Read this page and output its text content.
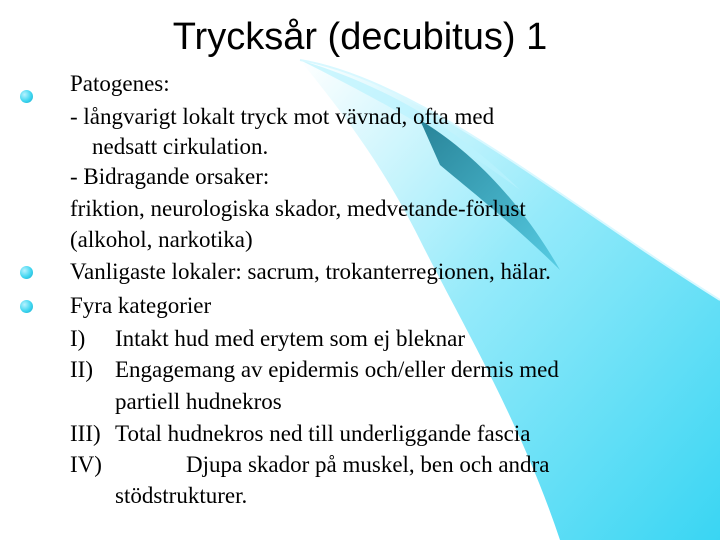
Trycksår (decubitus) 1
Patogenes:
- långvarigt lokalt tryck mot vävnad, ofta med
nedsatt cirkulation.
- Bidragande orsaker:
friktion, neurologiska skador, medvetande-förlust
(alkohol, narkotika)
Vanligaste lokaler: sacrum, trokanterregionen, hälar.
Fyra kategorier
I) Intakt hud med erytem som ej bleknar
II) Engagemang av epidermis och/eller dermis med
partiell hudnekros
III) Total hudnekros ned till underliggande fascia
IV)	Djupa skador på muskel, ben och andra
stödstrukturer.
